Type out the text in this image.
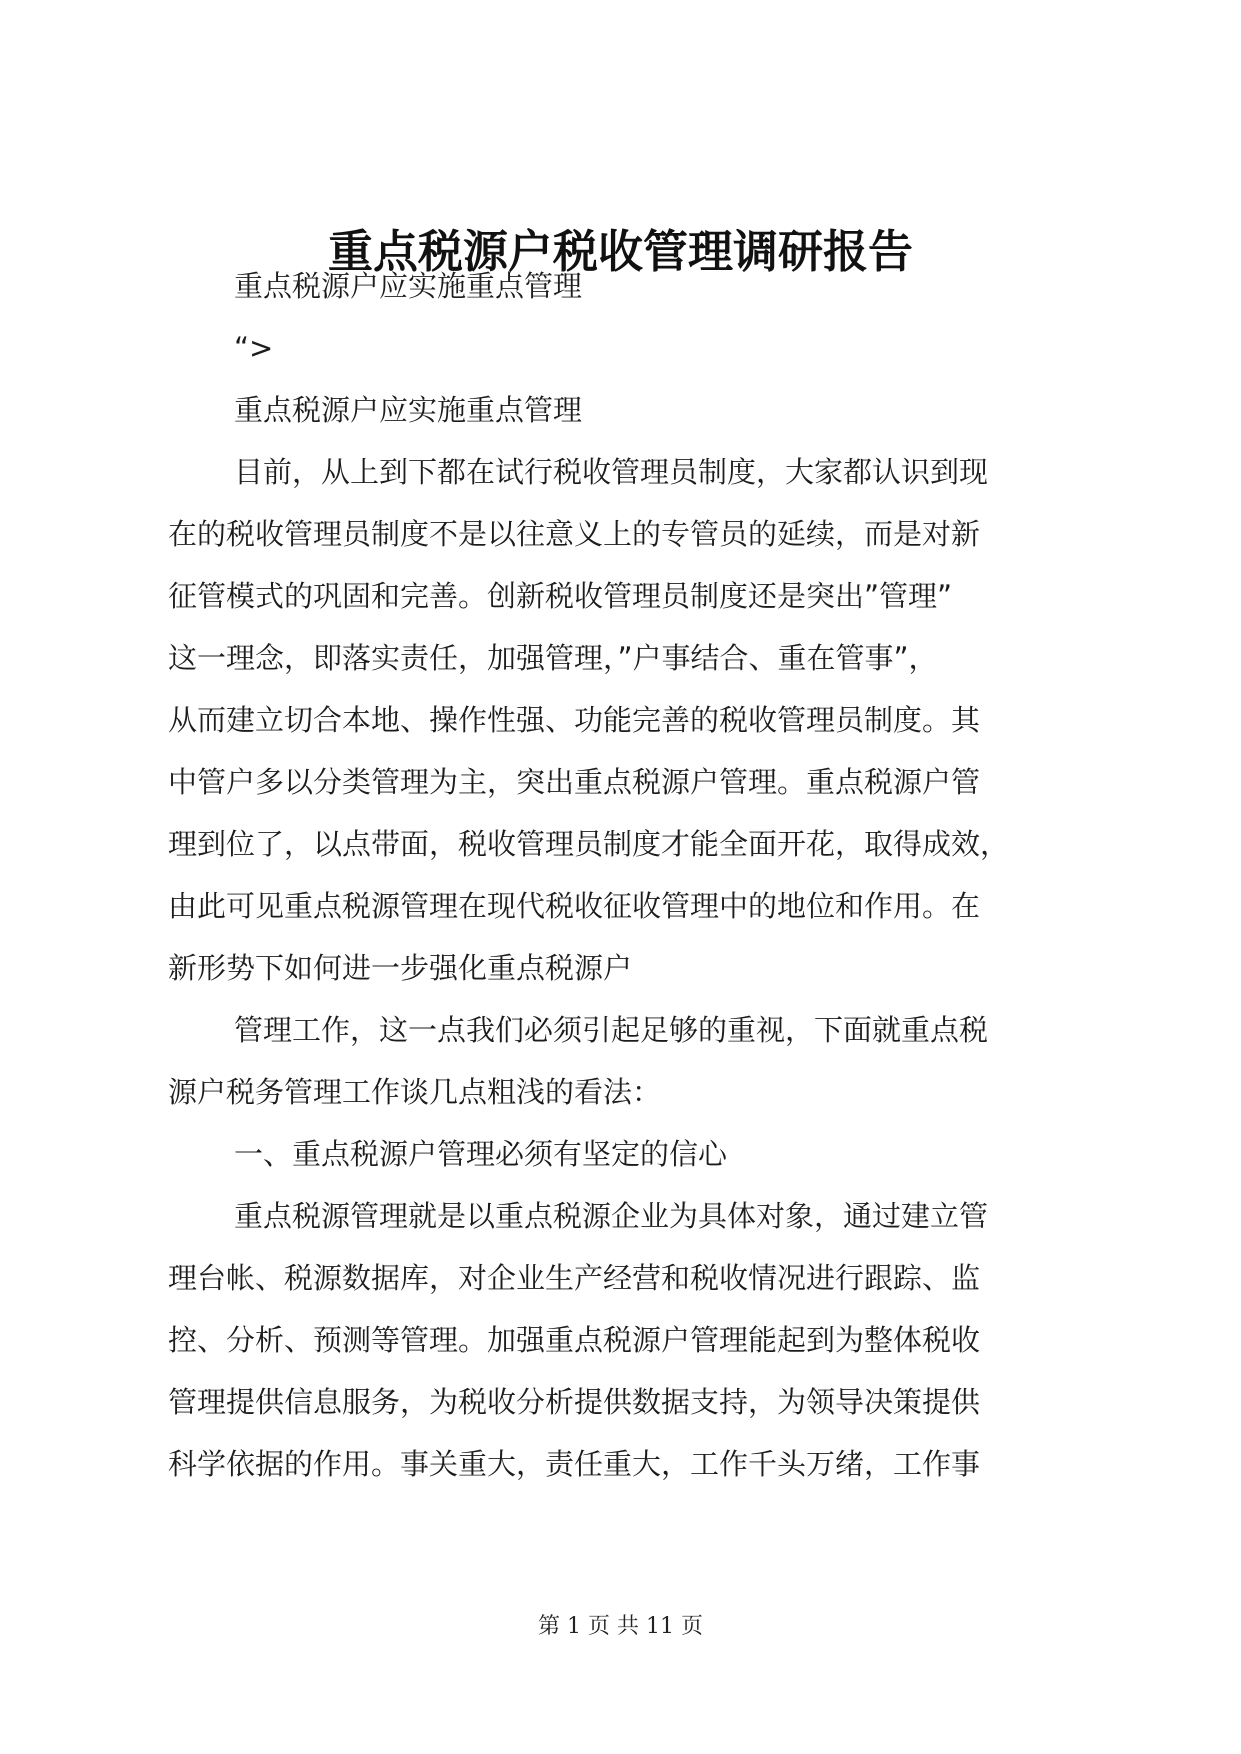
重点税源户税收管理调研报告
重点税源户应实施重点管理
“>
重点税源户应实施重点管理
目前，从上到下都在试行税收管理员制度，大家都认识到现
在的税收管理员制度不是以往意义上的专管员的延续，而是对新
征管模式的巩固和完善。创新税收管理员制度还是突出”管理”
这一理念，即落实责任，加强管理，”户事结合、重在管事”，
从而建立切合本地、操作性强、功能完善的税收管理员制度。其
中管户多以分类管理为主，突出重点税源户管理。重点税源户管
理到位了，以点带面，税收管理员制度才能全面开花，取得成效，
由此可见重点税源管理在现代税收征收管理中的地位和作用。在
新形势下如何进一步强化重点税源户
管理工作，这一点我们必须引起足够的重视，下面就重点税
源户税务管理工作谈几点粗浅的看法：
一、重点税源户管理必须有坚定的信心
重点税源管理就是以重点税源企业为具体对象，通过建立管
理台帐、税源数据库，对企业生产经营和税收情况进行跟踪、监
控、分析、预测等管理。加强重点税源户管理能起到为整体税收
管理提供信息服务，为税收分析提供数据支持，为领导决策提供
科学依据的作用。事关重大，责任重大，工作千头万绪，工作事
第 1 页 共 11 页
